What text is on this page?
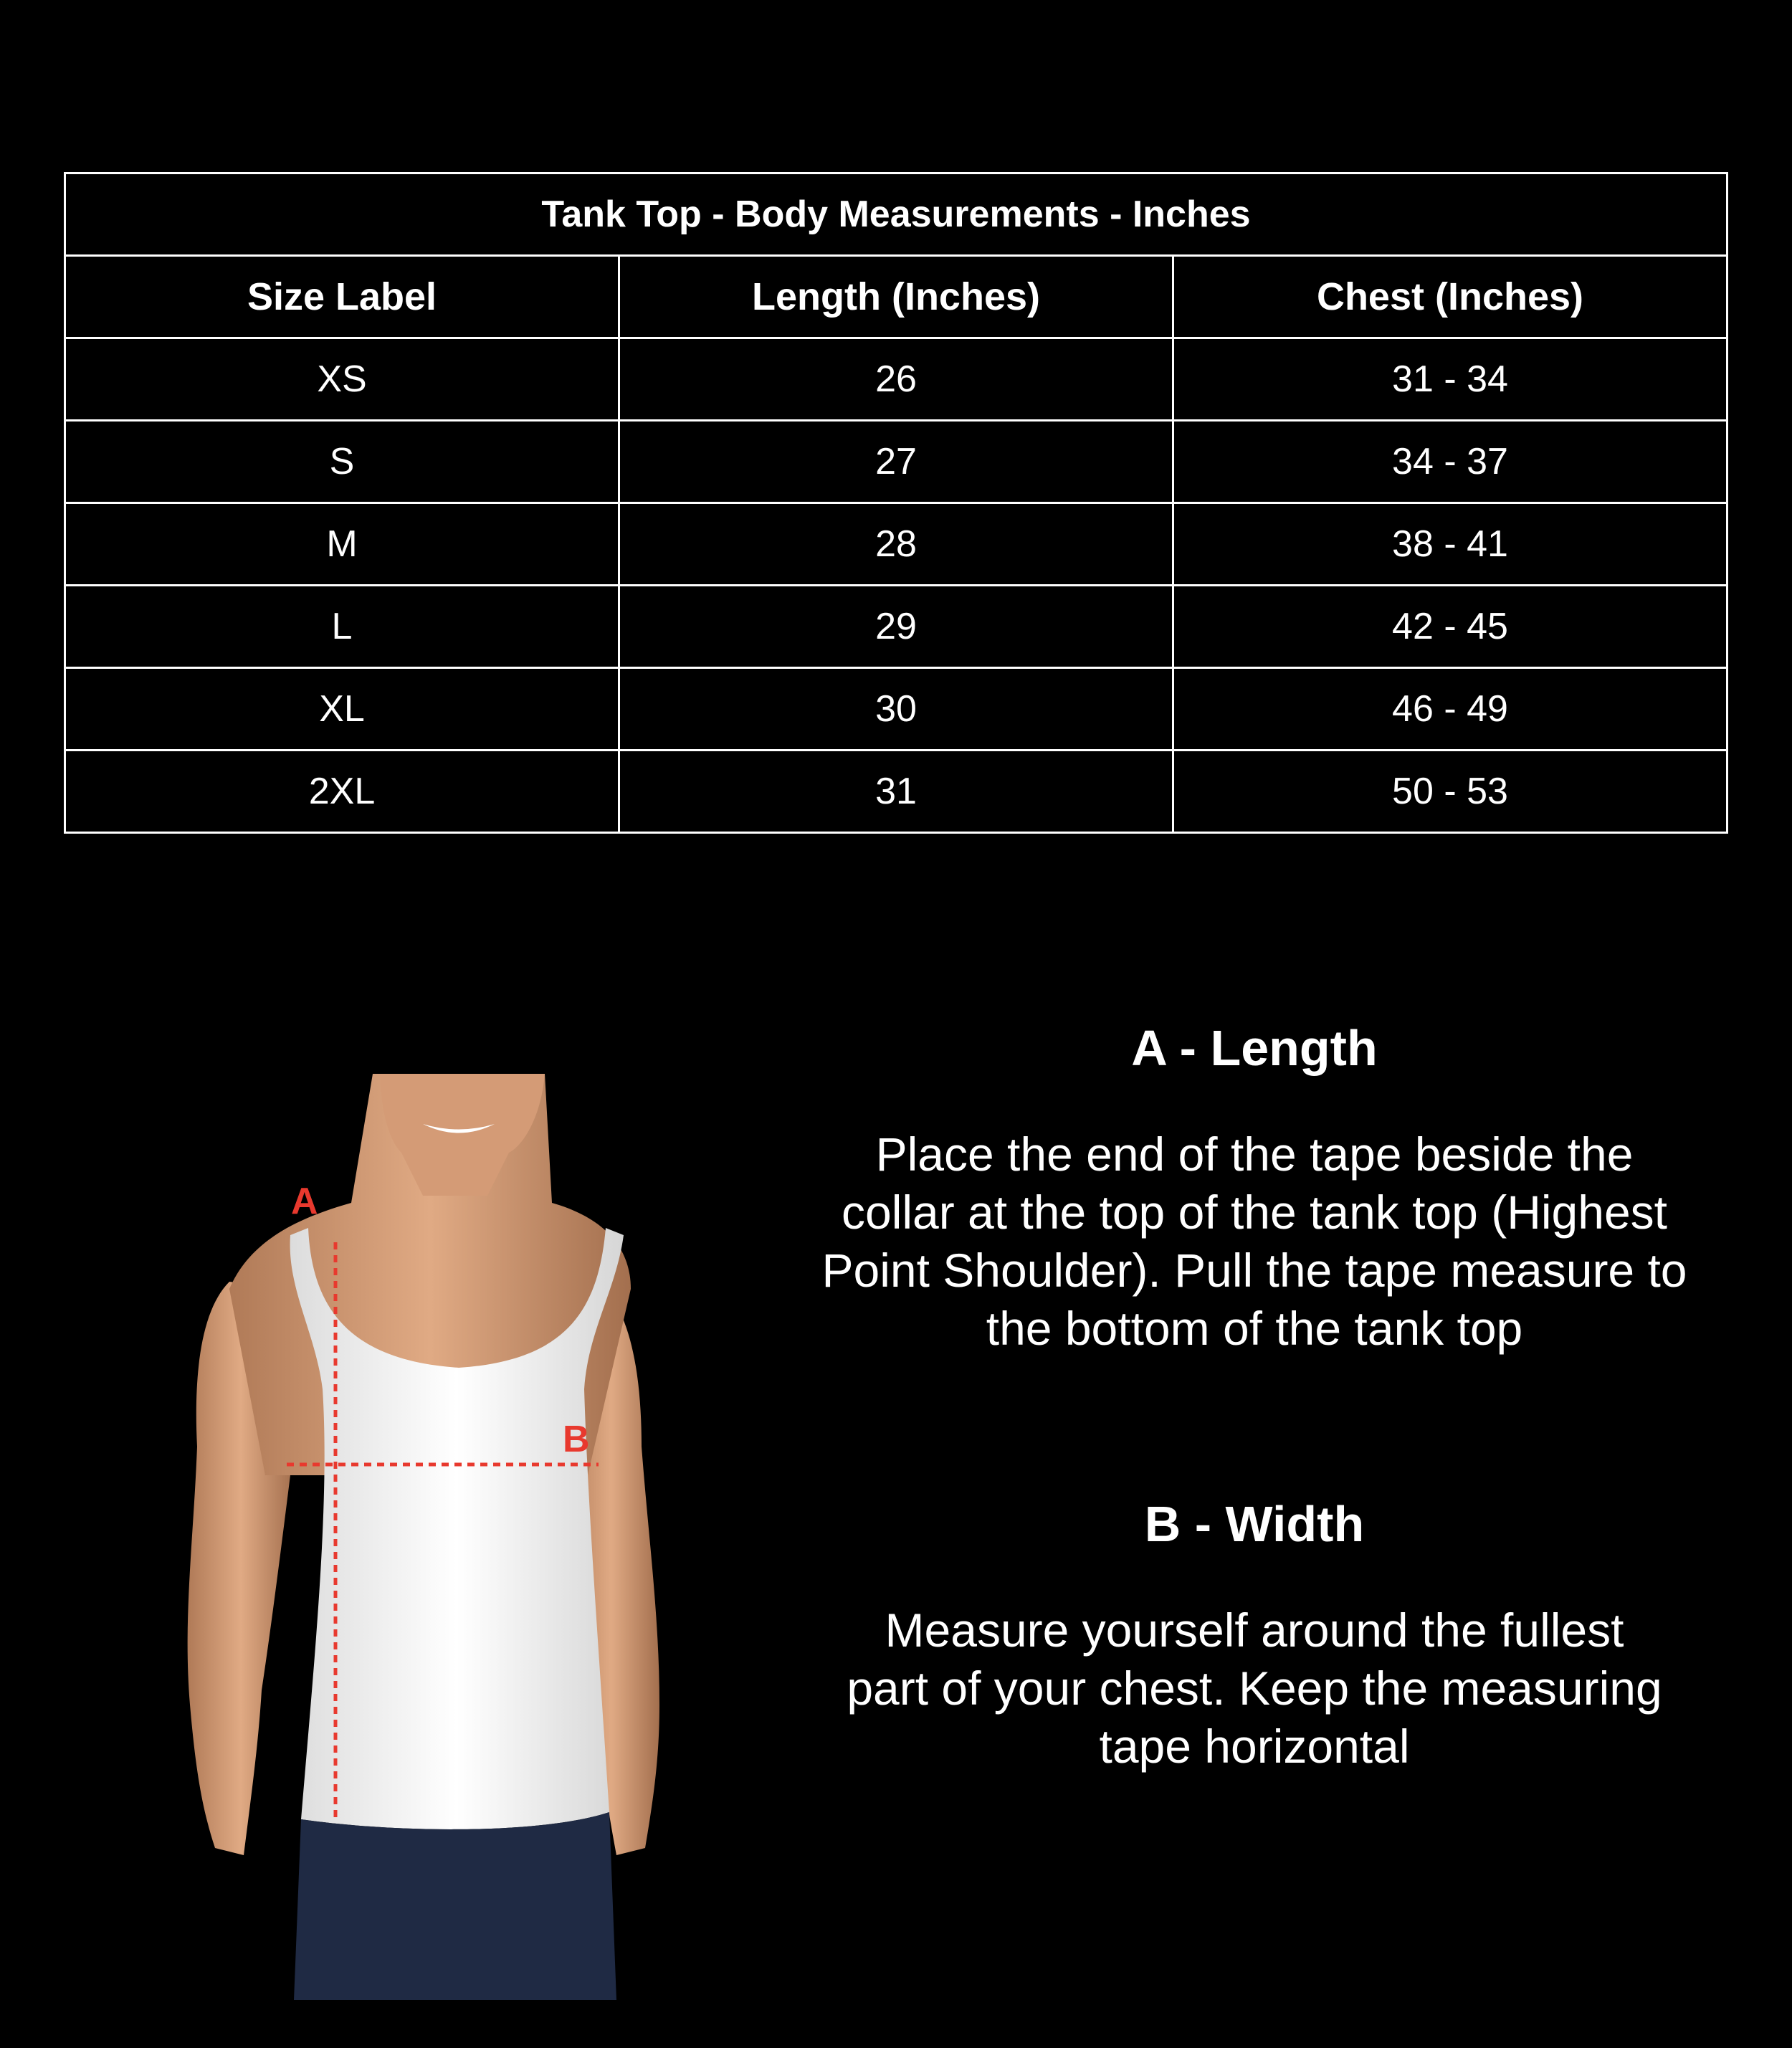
Tank Top - Body Measurements - Inches		
Size Label	Length (Inches)	Chest (Inches)
XS	26	31 - 34
S	27	34 - 37
M	28	38 - 41
L	29	42 - 45
XL	30	46 - 49
2XL	31	50 - 53
A
B
A - Length

Place the end of the tape beside the collar at the top of the tank top (Highest Point Shoulder). Pull the tape measure to the bottom of the tank top

B - Width

Measure yourself around the fullest part of your chest. Keep the measuring tape horizontal
